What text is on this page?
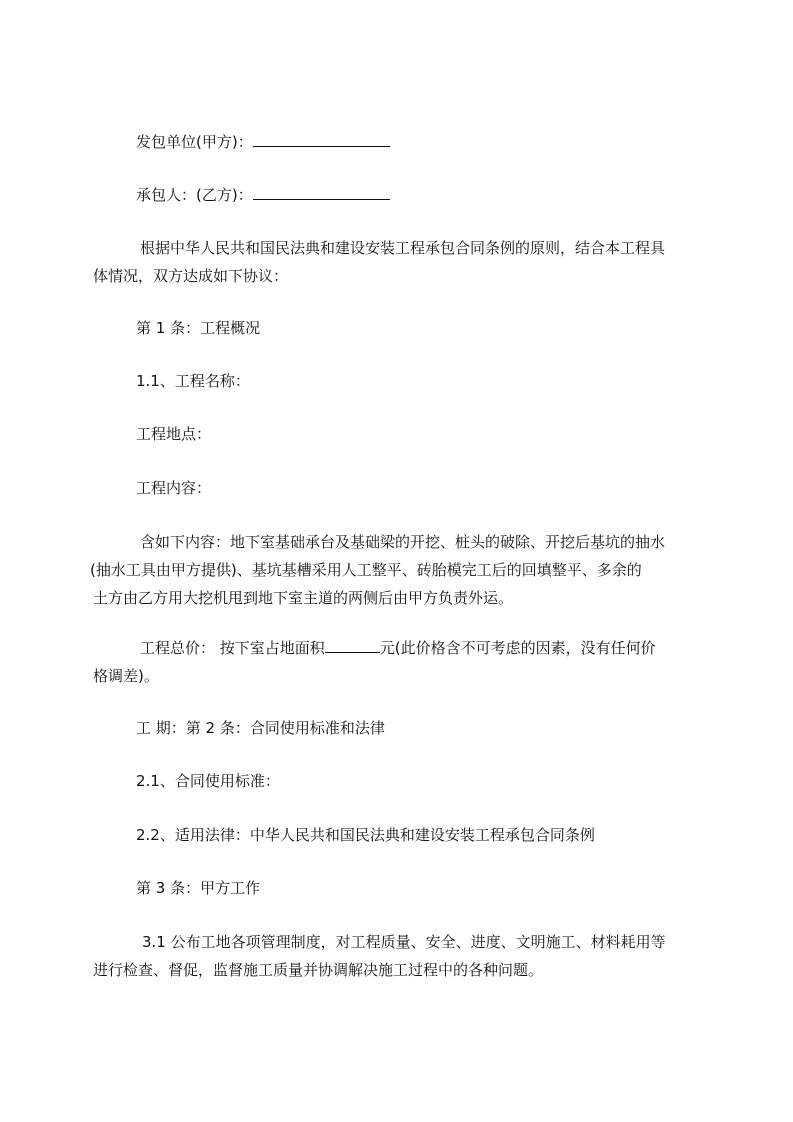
发包单位(甲方)：
承包人：(乙方)：
根据中华人民共和国民法典和建设安装工程承包合同条例的原则，结合本工程具
体情况，双方达成如下协议：
第 1 条：工程概况
1.1、工程名称：
工程地点：
工程内容：
含如下内容：地下室基础承台及基础梁的开挖、桩头的破除、开挖后基坑的抽水
(抽水工具由甲方提供)、基坑基槽采用人工整平、砖胎模完工后的回填整平、多余的
土方由乙方用大挖机甩到地下室主道的两侧后由甲方负责外运。
工程总价： 按下室占地面积	元(此价格含不可考虑的因素，没有任何价
格调差)。
工 期：第 2 条：合同使用标准和法律
2.1、合同使用标准：
2.2、适用法律：中华人民共和国民法典和建设安装工程承包合同条例
第 3 条：甲方工作
3.1 公布工地各项管理制度，对工程质量、安全、进度、文明施工、材料耗用等
进行检查、督促，监督施工质量并协调解决施工过程中的各种问题。
